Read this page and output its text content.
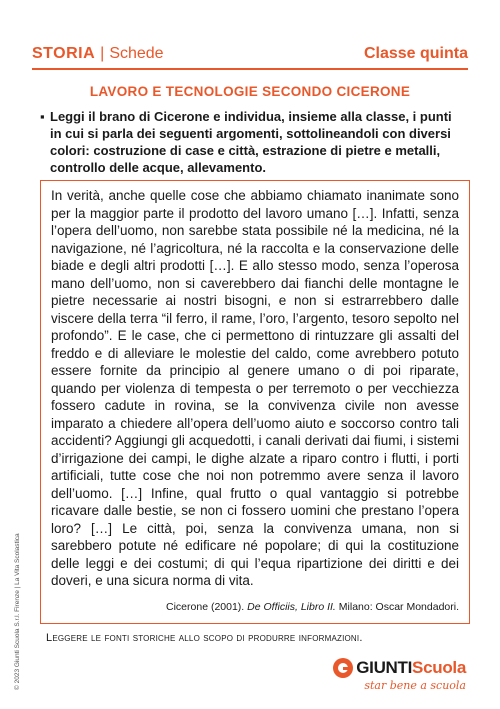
STORIA | Schede	Classe quinta
LAVORO E TECNOLOGIE SECONDO CICERONE
▪ Leggi il brano di Cicerone e individua, insieme alla classe, i punti in cui si parla dei seguenti argomenti, sottolineandoli con diversi colori: costruzione di case e città, estrazione di pietre e metalli, controllo delle acque, allevamento.

In verità, anche quelle cose che abbiamo chiamato inanimate sono per la maggior parte il prodotto del lavoro umano […]. Infatti, senza l’opera dell’uomo, non sarebbe stata possibile né la medicina, né la navigazione, né l’agricoltura, né la raccolta e la conservazione delle biade e degli altri prodotti […]. E allo stesso modo, senza l’operosa mano dell’uomo, non si caverebbero dai fianchi delle montagne le pietre necessarie ai nostri bisogni, e non si estrarrebbero dalle viscere della terra “il ferro, il rame, l’oro, l’argento, tesoro sepolto nel profondo”. E le case, che ci permettono di rintuzzare gli assalti del freddo e di alleviare le molestie del caldo, come avrebbero potuto essere fornite da principio al genere umano o di poi riparate, quando per violenza di tempesta o per terremoto o per vecchiezza fossero cadute in rovina, se la convivenza civile non avesse imparato a chiedere all’opera dell’uomo aiuto e soccorso contro tali accidenti? Aggiungi gli acquedotti, i canali derivati dai fiumi, i sistemi d’irrigazione dei campi, le dighe alzate a riparo contro i flutti, i porti artificiali, tutte cose che noi non potremmo avere senza il lavoro dell’uomo. […] Infine, qual frutto o qual vantaggio si potrebbe ricavare dalle bestie, se non ci fossero uomini che prestano l’opera loro? […] Le città, poi, senza la convivenza umana, non si sarebbero potute né edificare né popolare; di qui la costituzione delle leggi e dei costumi; di qui l’equa ripartizione dei diritti e dei doveri, e una sicura norma di vita.

Cicerone (2001). De Officiis, Libro II. Milano: Oscar Mondadori.
Leggere le fonti storiche allo scopo di produrre informazioni.
© 2023 Giunti Scuola S.r.l. Firenze | La Vita Scolastica	GIUNTI Scuola
star bene a scuola
